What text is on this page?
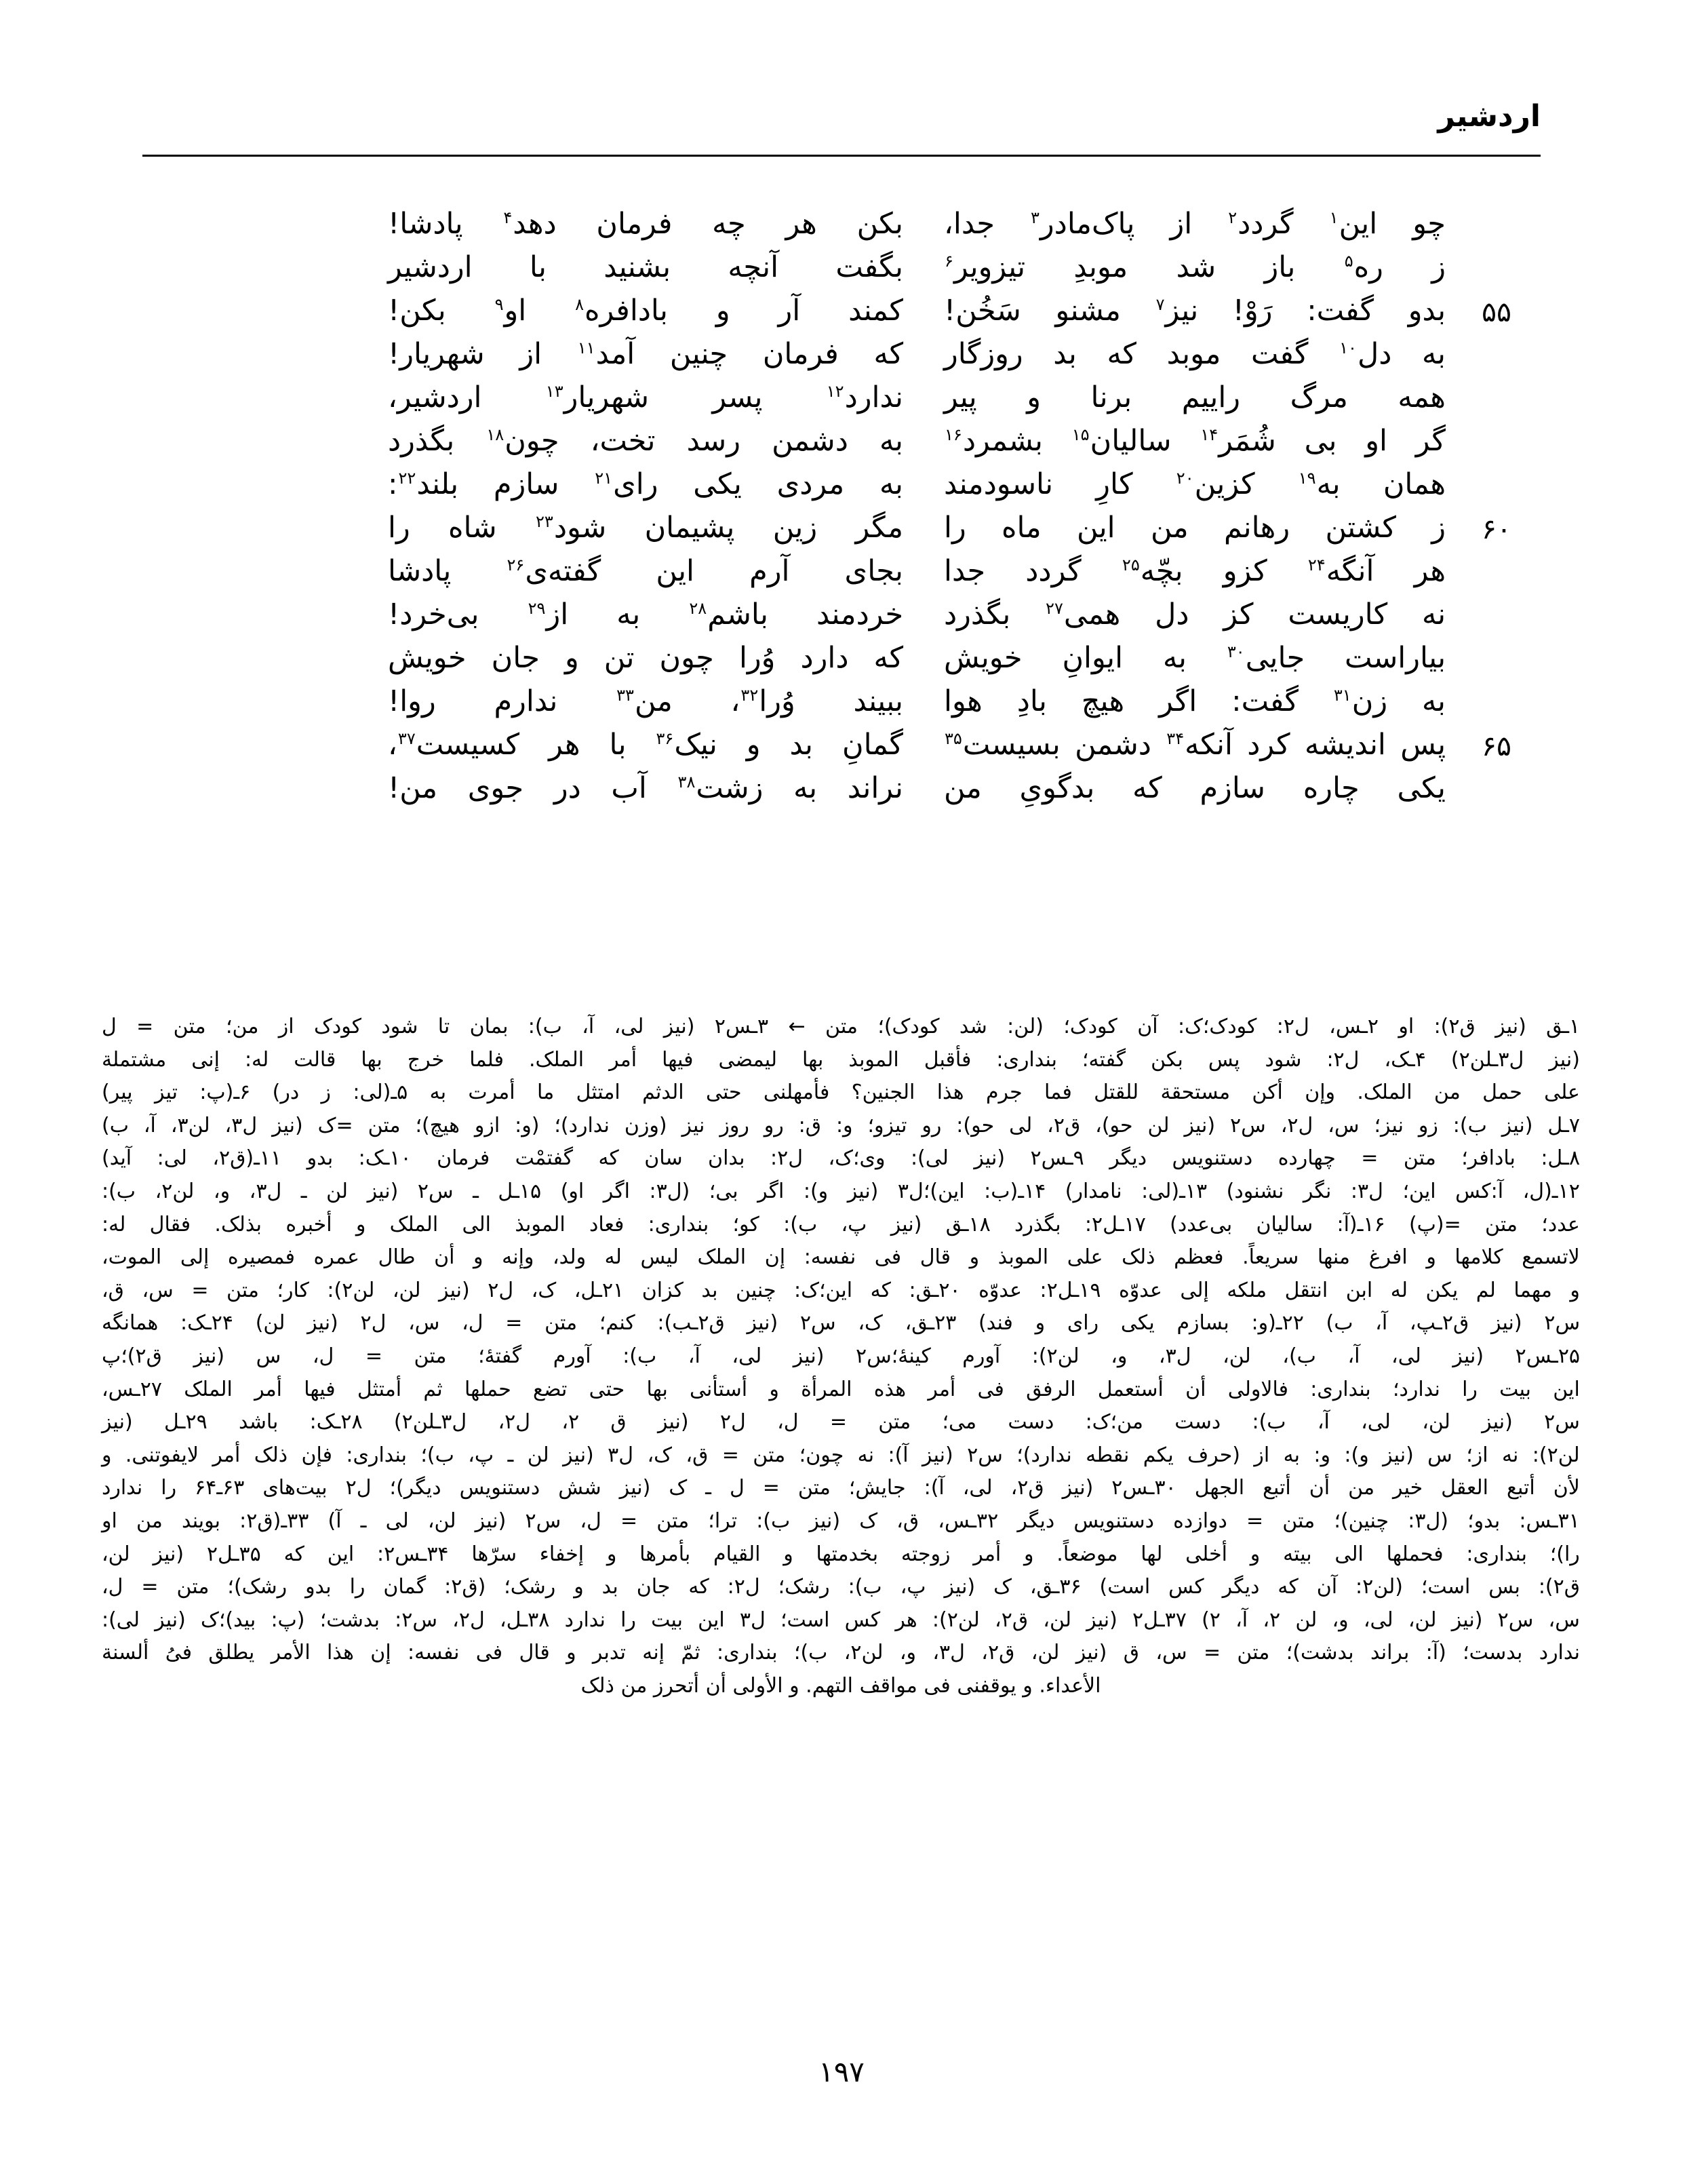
اردشیر
چو این$^۱$ گردد$^۲$ از پاک‌مادر$^۳$ جدا،
بکن هر چه فرمان دهد$^۴$ پادشا!
ز ره$^۵$ باز شد موبدِ تیزویر$^۶$
بگفت آنچه بشنید با اردشیر
۵۵
بدو گفت: رَوْ! نیز$^۷$ مشنو سَخُن!
کمند آر و بادافره$^۸$ او$^۹$ بکن!
به دل$^{۱۰}$ گفت موبد که بد روزگار
که فرمان چنین آمد$^{۱۱}$ از شهریار!
همه مرگ راییم برنا و پیر
ندارد$^{۱۲}$ پسر شهریار$^{۱۳}$ اردشیر،
گر او بی شُمَر$^{۱۴}$ سالیان$^{۱۵}$ بشمرد$^{۱۶}$
به دشمن رسد تخت، چون$^{۱۸}$ بگذرد
همان به$^{۱۹}$ کزین$^{۲۰}$ کارِ ناسودمند
به مردی یکی رای$^{۲۱}$ سازم بلند$^{۲۲}$:
۶۰
ز کشتن رهانم من این ماه را
مگر زین پشیمان شود$^{۲۳}$ شاه را
هر آنگه$^{۲۴}$ کزو بچّه$^{۲۵}$ گردد جدا
بجای آرم این گفته‌ی$^{۲۶}$ پادشا
نه کاریست کز دل همی$^{۲۷}$ بگذرد
خردمند باشم$^{۲۸}$ به از$^{۲۹}$ بی‌خرد!
بیاراست جایی$^{۳۰}$ به ایوانِ خویش
که دارد وُرا چون تن و جان خویش
به زن$^{۳۱}$ گفت: اگر هیچ بادِ هوا
ببیند وُرا$^{۳۲}$، من$^{۳۳}$ ندارم روا!
۶۵
پس اندیشه کرد آنکه$^{۳۴}$ دشمن بسیست$^{۳۵}$
گمانِ بد و نیک$^{۳۶}$ با هر کسیست$^{۳۷}$،
یکی چاره سازم که بدگویِ من
نراند به زشت$^{۳۸}$ آب در جوی من!
۱ـق (نیز ق۲): او ۲ـس، ل۲: کودک؛ک: آن کودک؛ (لن: شد کودک)؛ متن ← ۳ـس۲ (نیز لی، آ، ب): بمان تا شود کودک از من؛ متن = ل
(نیز ل۳ـلن۲) ۴ـک، ل۲: شود پس بکن گفته؛ بنداری: فأقبل الموبذ بها لیمضی فیها أمر الملک. فلما خرج بها قالت له: إنی مشتملة
علی حمل من الملک. وإن أکن مستحقة للقتل فما جرم هذا الجنین؟ فأمهلنی حتی الدثم امتثل ما أمرت به ۵ـ(لی: ز در) ۶ـ(پ: تیز پیر)
۷ـل (نیز ب): زو نیز؛ س، ل۲، س۲ (نیز لن حو)، ق۲، لی حو): رو تیزو؛ و: ق: رو روز نیز (وزن ندارد)؛ (و: ازو هیچ)؛ متن =ک (نیز ل۳، لن۳، آ، ب)
۸ـل: بادافر؛ متن = چهارده دستنویس دیگر ۹ـس۲ (نیز لی): وی؛ک، ل۲: بدان سان که گفتمْت فرمان ۱۰ـک: بدو ۱۱ـ(ق۲، لی: آید)
۱۲ـ(ل، آ:کس این؛ ل۳: نگر نشنود) ۱۳ـ(لی: نامدار) ۱۴ـ(ب: این)؛ل۳ (نیز و): اگر بی؛ (ل۳: اگر او) ۱۵ـل ـ س۲ (نیز لن ـ ل۳، و، لن۲، ب):
عدد؛ متن =(پ) ۱۶ـ(آ: سالیان بی‌عدد) ۱۷ـل۲: بگذرد ۱۸ـق (نیز پ، ب): کو؛ بنداری: فعاد الموبذ الی الملک و أخبره بذلک. فقال له:
لاتسمع کلامها و افرغ منها سریعاً. فعظم ذلک علی الموبذ و قال فی نفسه: إن الملک لیس له ولد، وإنه و أن طال عمره فمصیره إلی الموت،
و مهما لم یکن له ابن انتقل ملکه إلی عدوّه ۱۹ـل۲: عدوّه ۲۰ـق: که این؛ک: چنین بد کزان ۲۱ـل، ک، ل۲ (نیز لن، لن۲): کار؛ متن = س، ق،
س۲ (نیز ق۲ـپ، آ، ب) ۲۲ـ(و: بسازم یکی رای و فند) ۲۳ـق، ک، س۲ (نیز ق۲ـب): کنم؛ متن = ل، س، ل۲ (نیز لن) ۲۴ـک: همانگه
۲۵ـس۲ (نیز لی، آ، ب)، لن، ل۳، و، لن۲): آورم کینهٔ؛س۲ (نیز لی، آ، ب): آورم گفتهٔ؛ متن = ل، س (نیز ق۲)؛پ
این بیت را ندارد؛ بنداری: فالاولی أن أستعمل الرفق فی أمر هذه المرأة و أستأنی بها حتی تضع حملها ثم أمتثل فیها أمر الملک ۲۷ـس،
س۲ (نیز لن، لی، آ، ب): دست من؛ک: دست می؛ متن = ل، ل۲ (نیز ق ۲، ل۲، ل۳ـلن۲) ۲۸ـک: باشد ۲۹ـل (نیز
لن۲): نه از؛ س (نیز و): و: به از (حرف یکم نقطه ندارد)؛ س۲ (نیز آ): نه چون؛ متن = ق، ک، ل۳ (نیز لن ـ پ، ب)؛ بنداری: فإن ذلک أمر لایفوتنی. و
لأن أتبع العقل خیر من أن أتبع الجهل ۳۰ـس۲ (نیز ق۲، لی، آ): جایش؛ متن = ل ـ ک (نیز شش دستنویس دیگر)؛ ل۲ بیت‌های ۶۳ـ۶۴ را ندارد
۳۱ـس: بدو؛ (ل۳: چنین)؛ متن = دوازده دستنویس دیگر ۳۲ـس، ق، ک (نیز ب): ترا؛ متن = ل، س۲ (نیز لن، لی ـ آ) ۳۳ـ(ق۲: بویند من او
را)؛ بنداری: فحملها الی بیته و أخلی لها موضعاً. و أمر زوجته بخدمتها و القیام بأمرها و إخفاء سرّها ۳۴ـس۲: این که ۳۵ـل۲ (نیز لن،
ق۲): بس است؛ (لن۲: آن که دیگر کس است) ۳۶ـق، ک (نیز پ، ب): رشک؛ ل۲: که جان بد و رشک؛ (ق۲: گمان را بدو رشک)؛ متن = ل،
س، س۲ (نیز لن، لی، و، لن ۲، آ، ۲) ۳۷ـل۲ (نیز لن، ق۲، لن۲): هر کس است؛ ل۳ این بیت را ندارد ۳۸ـل، ل۲، س۲: بدشت؛ (پ: بید)؛ک (نیز لی):
ندارد بدست؛ (آ: براند بدشت)؛ متن = س، ق (نیز لن، ق۲، ل۳، و، لن۲، ب)؛ بنداری: ثمّ إنه تدبر و قال فی نفسه: إن هذا الأمر یطلق فیُ ألسنة
الأعداء. و یوقفنی فی مواقف التهم. و الأولی أن أتحرز من ذلک
۱۹۷
